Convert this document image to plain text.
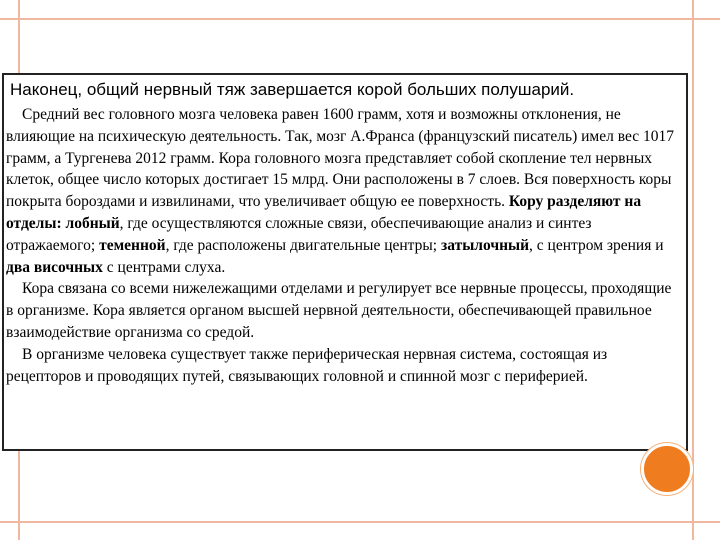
Наконец, общий нервный тяж завершается корой больших полушарий.

Средний вес головного мозга человека равен 1600 грамм, хотя и возможны отклонения, не влияющие на психическую деятельность. Так, мозг А.Франса (французский писатель) имел вес 1017 грамм, а Тургенева 2012 грамм. Кора головного мозга представляет собой скопление тел нервных клеток, общее число которых достигает 15 млрд. Они расположены в 7 слоев. Вся поверхность коры покрыта бороздами и извилинами, что увеличивает общую ее поверхность. Кору разделяют на отделы: лобный, где осуществляются сложные связи, обеспечивающие анализ и синтез отражаемого; теменной, где расположены двигательные центры; затылочный, с центром зрения и два височных с центрами слуха.

Кора связана со всеми нижележащими отделами и регулирует все нервные процессы, проходящие в организме. Кора является органом высшей нервной деятельности, обеспечивающей правильное взаимодействие организма со средой.

В организме человека существует также периферическая нервная система, состоящая из рецепторов и проводящих путей, связывающих головной и спинной мозг с периферией.
